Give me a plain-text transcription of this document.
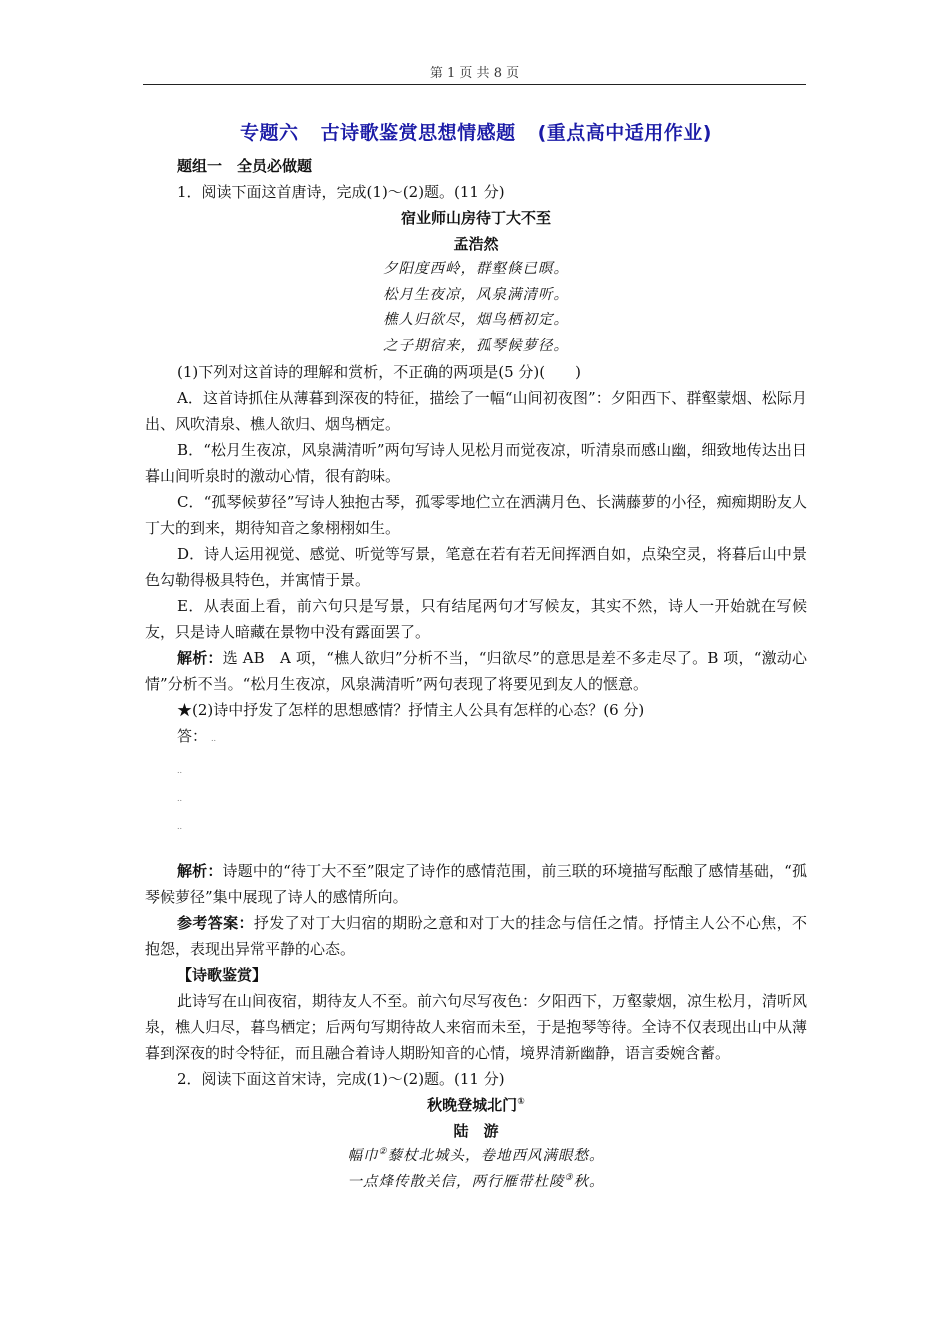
第 1 页 共 8 页
专题六 古诗歌鉴赏思想情感题 (重点高中适用作业)

题组一　全员必做题

1．阅读下面这首唐诗，完成(1)～(2)题。(11 分)

宿业师山房待丁大不至
孟浩然
夕阳度西岭，群壑倏已暝。
松月生夜凉，风泉满清听。
樵人归欲尽，烟鸟栖初定。
之子期宿来，孤琴候萝径。

(1)下列对这首诗的理解和赏析，不正确的两项是(5 分)(　　)

A．这首诗抓住从薄暮到深夜的特征，描绘了一幅“山间初夜图”：夕阳西下、群壑蒙烟、松际月出、风吹清泉、樵人欲归、烟鸟栖定。

B．“松月生夜凉，风泉满清听”两句写诗人见松月而觉夜凉，听清泉而感山幽，细致地传达出日暮山间听泉时的激动心情，很有韵味。

C．“孤琴候萝径”写诗人独抱古琴，孤零零地伫立在洒满月色、长满藤萝的小径，痴痴期盼友人丁大的到来，期待知音之象栩栩如生。

D．诗人运用视觉、感觉、听觉等写景，笔意在若有若无间挥洒自如，点染空灵，将暮后山中景色勾勒得极具特色，并寓情于景。

E．从表面上看，前六句只是写景，只有结尾两句才写候友，其实不然，诗人一开始就在写候友，只是诗人暗藏在景物中没有露面罢了。

解析：选 AB　A 项，“樵人欲归”分析不当，“归欲尽”的意思是差不多走尽了。B 项，“激动心情”分析不当。“松月生夜凉，风泉满清听”两句表现了将要见到友人的惬意。

★(2)诗中抒发了怎样的思想感情？抒情主人公具有怎样的心态？(6 分)

答： ..

..
..
..

解析：诗题中的“待丁大不至”限定了诗作的感情范围，前三联的环境描写酝酿了感情基础，“孤琴候萝径”集中展现了诗人的感情所向。

参考答案：抒发了对丁大归宿的期盼之意和对丁大的挂念与信任之情。抒情主人公不心焦，不抱怨，表现出异常平静的心态。

【诗歌鉴赏】

此诗写在山间夜宿，期待友人不至。前六句尽写夜色：夕阳西下，万壑蒙烟，凉生松月，清听风泉，樵人归尽，暮鸟栖定；后两句写期待故人来宿而未至，于是抱琴等待。全诗不仅表现出山中从薄暮到深夜的时令特征，而且融合着诗人期盼知音的心情，境界清新幽静，语言委婉含蓄。

2．阅读下面这首宋诗，完成(1)～(2)题。(11 分)

秋晚登城北门①
陆　游
幅巾②藜杖北城头，卷地西风满眼愁。
一点烽传散关信，两行雁带杜陵③秋。
